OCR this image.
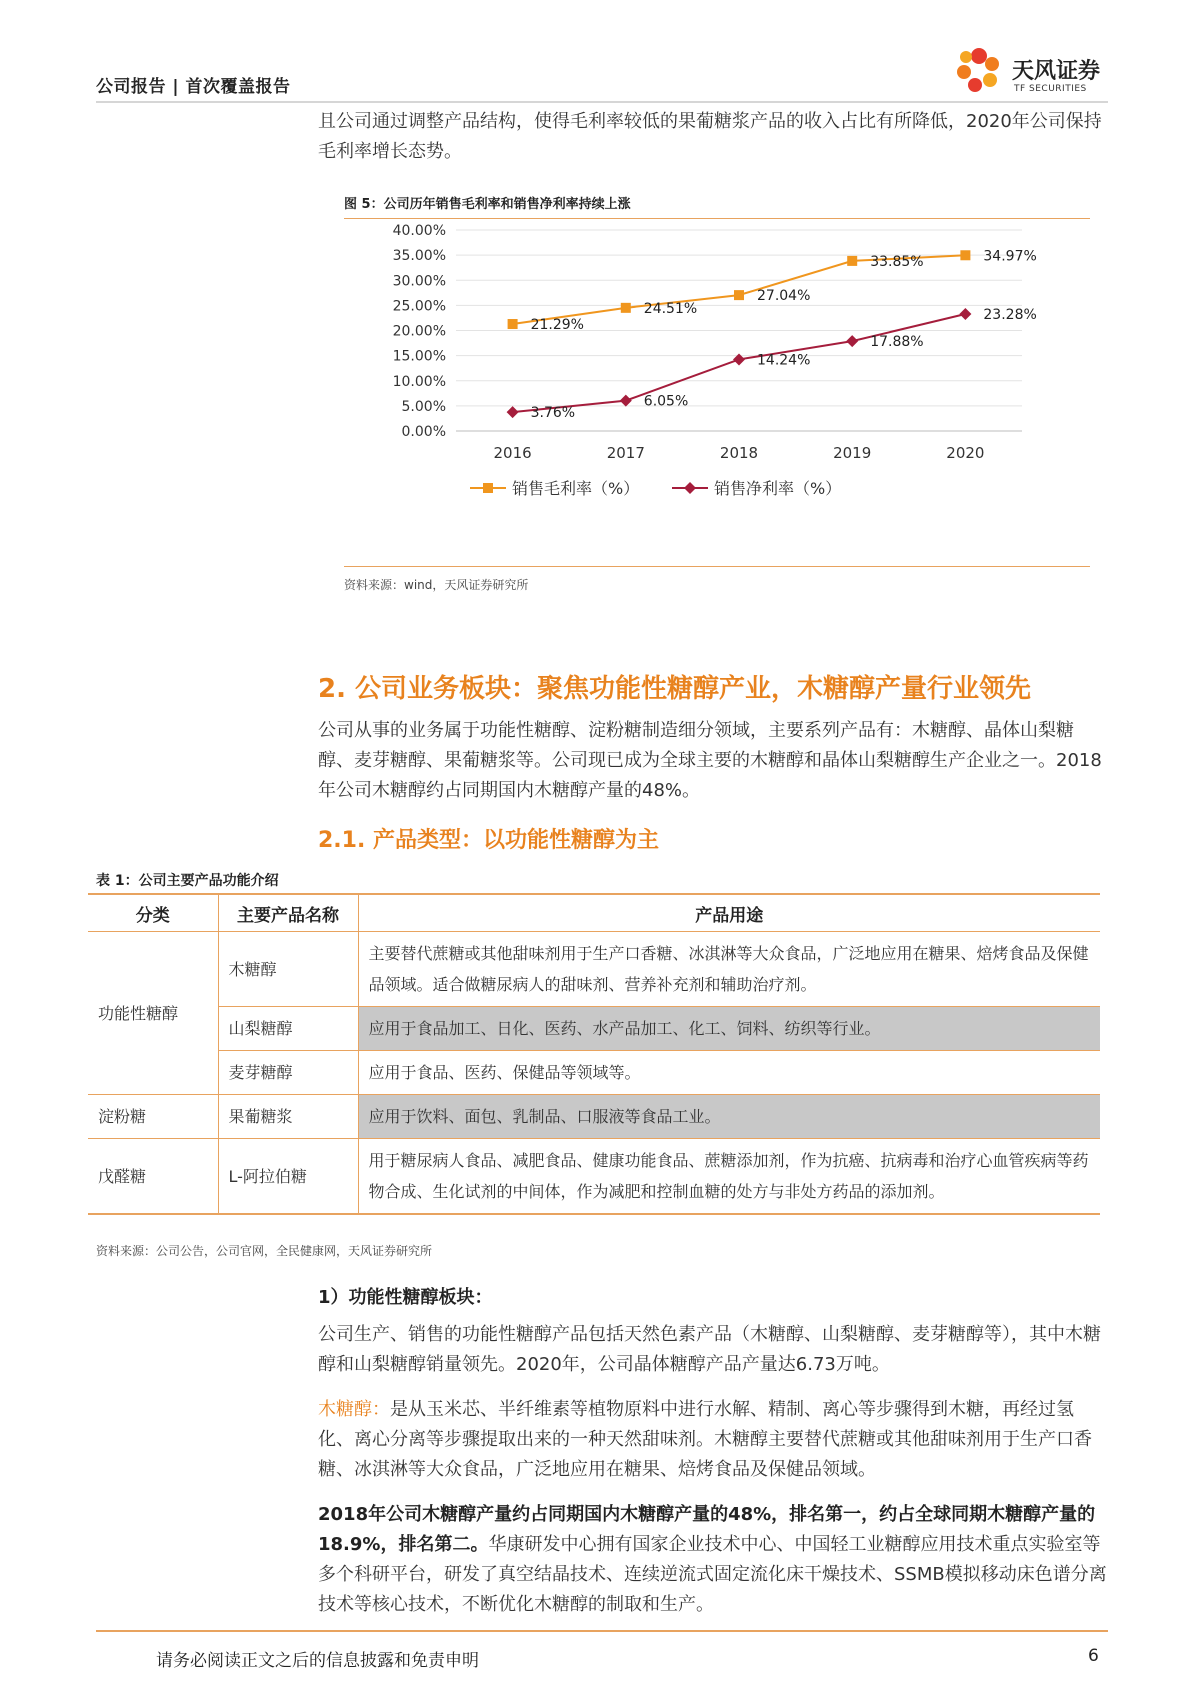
公司报告 | 首次覆盖报告
天风证券
TF SECURITIES

且公司通过调整产品结构，使得毛利率较低的果葡糖浆产品的收入占比有所降低，2020年公司保持毛利率增长态势。

图 5：公司历年销售毛利率和销售净利率持续上涨
0.00%
5.00%
10.00%
15.00%
20.00%
25.00%
30.00%
35.00%
40.00%
2016	2017	2018	2019	2020
21.29%
24.51%
27.04%
33.85%	34.97%
3.76%
6.05%
14.24%
17.88%
23.28%
销售毛利率（%）	销售净利率（%）
资料来源：wind，天风证券研究所
2. 公司业务板块：聚焦功能性糖醇产业，木糖醇产量行业领先

公司从事的业务属于功能性糖醇、淀粉糖制造细分领域，主要系列产品有：木糖醇、晶体山梨糖醇、麦芽糖醇、果葡糖浆等。公司现已成为全球主要的木糖醇和晶体山梨糖醇生产企业之一。2018年公司木糖醇约占同期国内木糖醇产量的48%。

2.1. 产品类型：以功能性糖醇为主
表 1：公司主要产品功能介绍
分类	主要产品名称	产品用途
功能性糖醇	木糖醇	主要替代蔗糖或其他甜味剂用于生产口香糖、冰淇淋等大众食品，广泛地应用在糖果、焙烤食品及保健品领域。适合做糖尿病人的甜味剂、营养补充剂和辅助治疗剂。
	山梨糖醇	应用于食品加工、日化、医药、水产品加工、化工、饲料、纺织等行业。
	麦芽糖醇	应用于食品、医药、保健品等领域等。
淀粉糖	果葡糖浆	应用于饮料、面包、乳制品、口服液等食品工业。
戊醛糖	L-阿拉伯糖	用于糖尿病人食品、减肥食品、健康功能食品、蔗糖添加剂，作为抗癌、抗病毒和治疗心血管疾病等药物合成、生化试剂的中间体，作为减肥和控制血糖的处方与非处方药品的添加剂。
资料来源：公司公告，公司官网，全民健康网，天风证券研究所
1）功能性糖醇板块：

公司生产、销售的功能性糖醇产品包括天然色素产品（木糖醇、山梨糖醇、麦芽糖醇等），其中木糖醇和山梨糖醇销量领先。2020年，公司晶体糖醇产品产量达6.73万吨。

木糖醇：是从玉米芯、半纤维素等植物原料中进行水解、精制、离心等步骤得到木糖，再经过氢化、离心分离等步骤提取出来的一种天然甜味剂。木糖醇主要替代蔗糖或其他甜味剂用于生产口香糖、冰淇淋等大众食品，广泛地应用在糖果、焙烤食品及保健品领域。

2018年公司木糖醇产量约占同期国内木糖醇产量的48%，排名第一，约占全球同期木糖醇产量的18.9%，排名第二。华康研发中心拥有国家企业技术中心、中国轻工业糖醇应用技术重点实验室等多个科研平台，研发了真空结晶技术、连续逆流式固定流化床干燥技术、SSMB模拟移动床色谱分离技术等核心技术，不断优化木糖醇的制取和生产。

请务必阅读正文之后的信息披露和免责申明	6
